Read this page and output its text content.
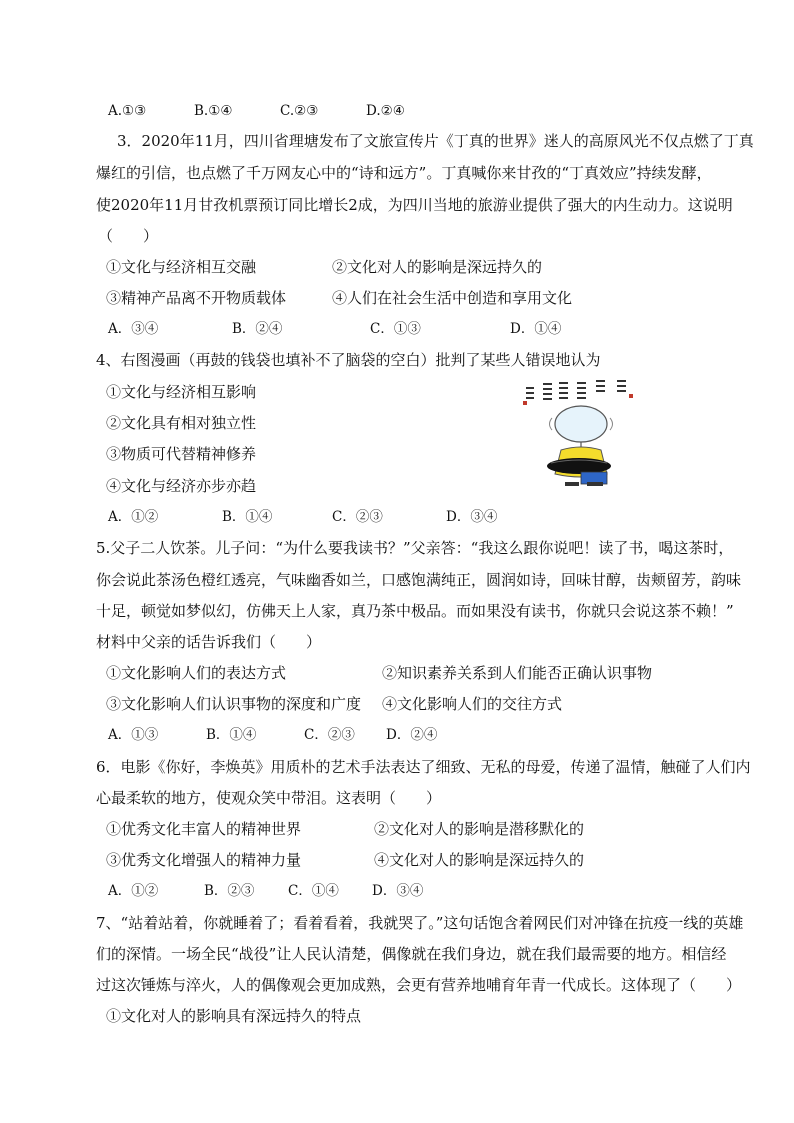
A.①③	B.①④	C.②③	D.②④
3．2020年11月，四川省理塘发布了文旅宣传片《丁真的世界》迷人的高原风光不仅点燃了丁真
爆红的引信，也点燃了千万网友心中的“诗和远方”。丁真喊你来甘孜的“丁真效应”持续发酵，
使2020年11月甘孜机票预订同比增长2成，为四川当地的旅游业提供了强大的内生动力。这说明
（　　）
①文化与经济相互交融	②文化对人的影响是深远持久的
③精神产品离不开物质载体	④人们在社会生活中创造和享用文化
A．③④	B．②④	C．①③	D．①④
4、右图漫画（再鼓的钱袋也填补不了脑袋的空白）批判了某些人错误地认为
①文化与经济相互影响
②文化具有相对独立性
③物质可代替精神修养
④文化与经济亦步亦趋
A．①②	B．①④	C．②③	D．③④
5.父子二人饮茶。儿子问：“为什么要我读书？”父亲答：“我这么跟你说吧！读了书，喝这茶时，
你会说此茶汤色橙红透亮，气味幽香如兰，口感饱满纯正，圆润如诗，回味甘醇，齿颊留芳，韵味
十足，顿觉如梦似幻，仿佛天上人家，真乃茶中极品。而如果没有读书，你就只会说这茶不赖！”
材料中父亲的话告诉我们（　　）
①文化影响人们的表达方式	②知识素养关系到人们能否正确认识事物
③文化影响人们认识事物的深度和广度 ④文化影响人们的交往方式
A．①③	B．①④	C．②③ D．②④
6．电影《你好，李焕英》用质朴的艺术手法表达了细致、无私的母爱，传递了温情，触碰了人们内
心最柔软的地方，使观众笑中带泪。这表明（　　）
①优秀文化丰富人的精神世界	②文化对人的影响是潜移默化的
③优秀文化增强人的精神力量	④文化对人的影响是深远持久的
A．①②	B．②③ C．①④ D．③④
7、“站着站着，你就睡着了；看着看着，我就哭了。”这句话饱含着网民们对冲锋在抗疫一线的英雄
们的深情。一场全民“战役”让人民认清楚，偶像就在我们身边，就在我们最需要的地方。相信经
过这次锤炼与淬火，人的偶像观会更加成熟，会更有营养地哺育年青一代成长。这体现了（　　）
①文化对人的影响具有深远持久的特点
